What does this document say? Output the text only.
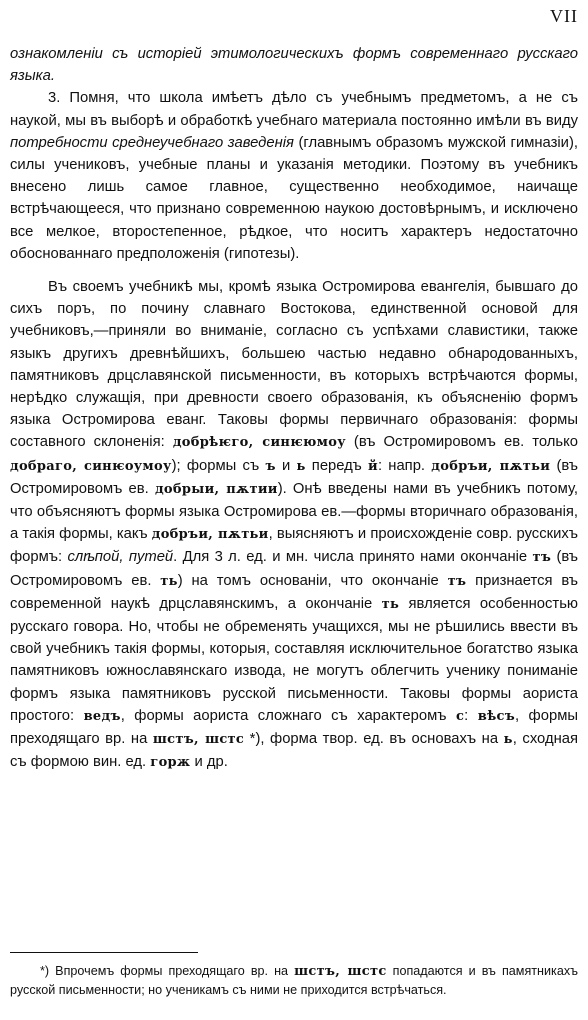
VII

ознакомленіи съ исторіей этимологическихъ формъ современнагo русскаго языка.

3. Помня, что школа имѣетъ дѣло съ учебнымъ предметомъ, а не съ наукой, мы въ выборѣ и обработкѣ учебнаго материала постоянно имѣли въ виду потребности среднеучебнаго заведенія (главнымъ образомъ мужской гимназіи), силы учениковъ, учебные планы и указанія методики. Поэтому въ учебникъ внесено лишь самое главное, существенно необходимое, наичаще встрѣчающееся, что признано современною наукою достовѣрнымъ, и исключено все мелкое, второстепенное, рѣдкое, что носитъ характеръ недостаточно обоснованнаго предположенія (гипотезы).

Въ своемъ учебникѣ мы, кромѣ языка Остромирова евангелія, бывшаго до сихъ поръ, по почину славнаго Востокова, единственной основой для учебниковъ,—приняли во вниманіе, согласно съ успѣхами славистики, также языкъ другихъ древнѣйшихъ, большею частью недавно обнародованныхъ, памятниковъ дрцславянской письменности, въ которыхъ встрѣчаются формы, нерѣдко служащія, при древности своего образованія, къ объясненію формъ языка Остромирова еванг. Таковы формы первичнаго образованія: формы составного склоненія: добрѣѥго, синѥюмоу (въ Остромировомъ ев. только добраго, синѥоумоу); формы съ ъ и ь передъ й: напр. добръи, пѫтьи (въ Остромировомъ ев. добрыи, пѫтии). Онѣ введены нами въ учебникъ потому, что объясняютъ формы языка Остромирова ев.—формы вторичнаго образованія, а такія формы, какъ добръи, пѫтьи, выясняютъ и происхожденіе совр. русскихъ формъ: слѣпой, путей. Для 3 л. ед. и мн. числа принято нами окончаніе тъ (въ Остромировомъ ев. ть) на томъ основаніи, что окончаніе тъ признается въ современной наукѣ дрцславянскимъ, а окончаніе ть является особенностью русскаго говора. Но, чтобы не обременять учащихся, мы не рѣшились ввести въ свой учебникъ такія формы, которыя, составляя исключительное богатство языка памятниковъ южнославянскаго извода, не могутъ облегчить ученику пониманіе формъ языка памятниковъ русской письменности. Таковы формы аориста простого: ведъ, формы аориста сложнаго съ характеромъ с: вѣсъ, формы преходящаго вр. на шстъ, шстс *), форма твор. ед. въ основахъ на ь, сходная съ формою вин. ед. горж и др.

*) Впрочемъ формы преходящаго вр. на шстъ, шстс попадаются и въ памятникахъ русской письменности; но ученикамъ съ ними не приходится встрѣчаться.
